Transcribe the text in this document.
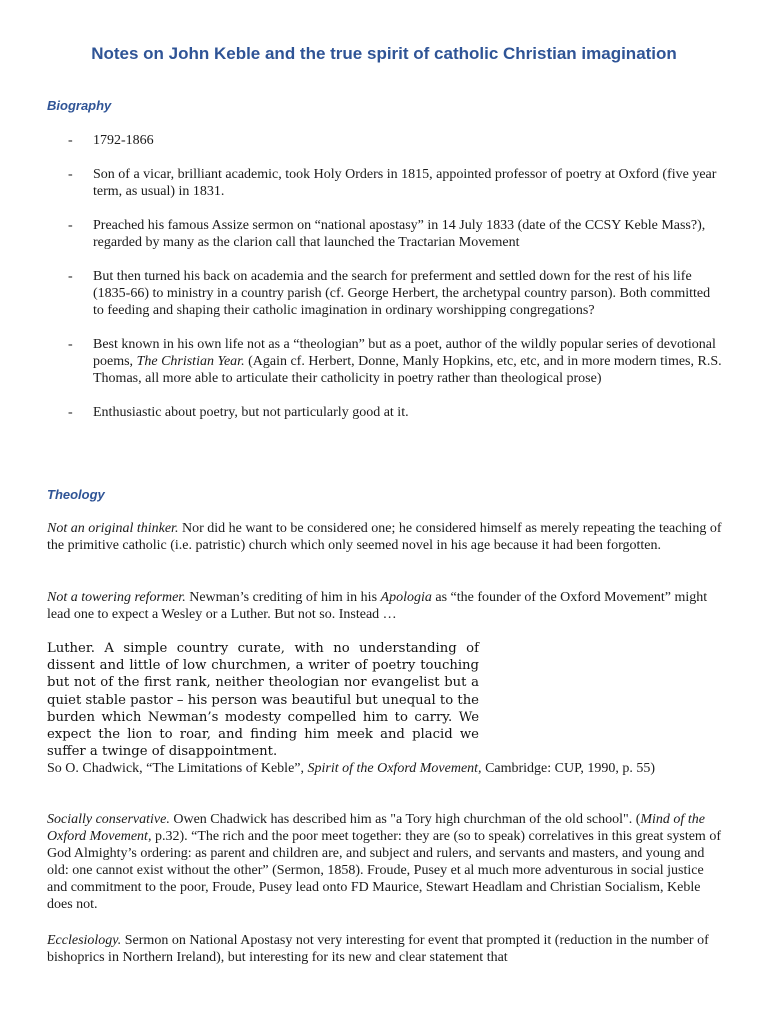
Notes on John Keble and the true spirit of catholic Christian imagination
Biography
- 1792-1866
- Son of a vicar, brilliant academic, took Holy Orders in 1815, appointed professor of poetry at Oxford (five year term, as usual) in 1831.
- Preached his famous Assize sermon on “national apostasy” in 14 July 1833 (date of the CCSY Keble Mass?), regarded by many as the clarion call that launched the Tractarian Movement
- But then turned his back on academia and the search for preferment and settled down for the rest of his life (1835-66) to ministry in a country parish (cf. George Herbert, the archetypal country parson). Both committed to feeding and shaping their catholic imagination in ordinary worshipping congregations?
- Best known in his own life not as a “theologian” but as a poet, author of the wildly popular series of devotional poems, The Christian Year. (Again cf. Herbert, Donne, Manly Hopkins, etc, etc, and in more modern times, R.S. Thomas, all more able to articulate their catholicity in poetry rather than theological prose)
- Enthusiastic about poetry, but not particularly good at it.
Theology

Not an original thinker. Nor did he want to be considered one; he considered himself as merely repeating the teaching of the primitive catholic (i.e. patristic) church which only seemed novel in his age because it had been forgotten.

Not a towering reformer. Newman’s crediting of him in his Apologia as “the founder of the Oxford Movement” might lead one to expect a Wesley or a Luther. But not so. Instead …

Luther. A simple country curate, with no understanding of dissent and little of low churchmen, a writer of poetry touching but not of the first rank, neither theologian nor evangelist but a quiet stable pastor – his person was beautiful but unequal to the burden which Newman’s modesty compelled him to carry. We expect the lion to roar, and finding him meek and placid we suffer a twinge of disappointment.

So O. Chadwick, “The Limitations of Keble”, Spirit of the Oxford Movement, Cambridge: CUP, 1990, p. 55)

Socially conservative. Owen Chadwick has described him as "a Tory high churchman of the old school". (Mind of the Oxford Movement, p.32). “The rich and the poor meet together: they are (so to speak) correlatives in this great system of God Almighty’s ordering: as parent and children are, and subject and rulers, and servants and masters, and young and old: one cannot exist without the other” (Sermon, 1858). Froude, Pusey et al much more adventurous in social justice and commitment to the poor, Froude, Pusey lead onto FD Maurice, Stewart Headlam and Christian Socialism, Keble does not.

Ecclesiology. Sermon on National Apostasy not very interesting for event that prompted it (reduction in the number of bishoprics in Northern Ireland), but interesting for its new and clear statement that
